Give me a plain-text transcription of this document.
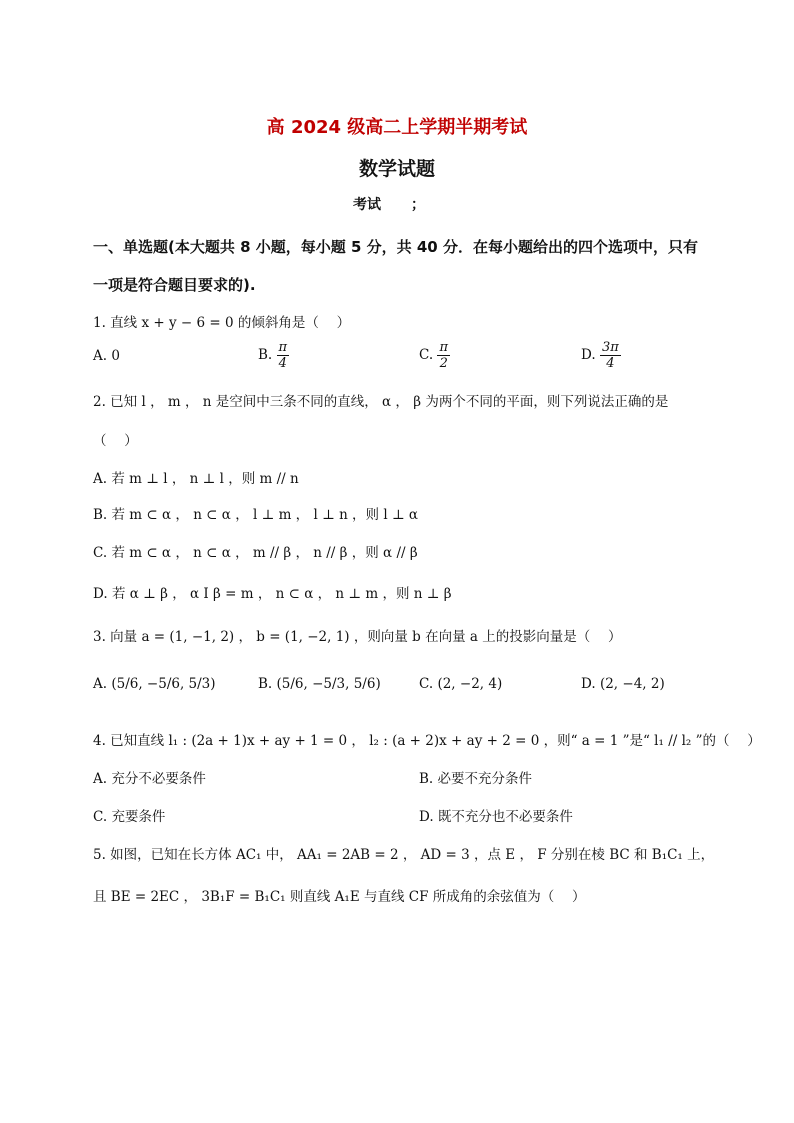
高 2024 级高二上学期半期考试
数学试题
考试 ；
一、单选题(本大题共 8 小题，每小题 5 分，共 40 分．在每小题给出的四个选项中，只有一项是符合题目要求的).
1. 直线 x + y − 6 = 0 的倾斜角是（　 ）
A. 0	B. $\frac{\pi}{4}$	C. $\frac{\pi}{2}$	D. $\frac{3\pi}{4}$
2. 已知 l ， m ， n 是空间中三条不同的直线， α ， β 为两个不同的平面，则下列说法正确的是
（　 ）
A. 若 m ⊥ l ， n ⊥ l ，则 m // n
B. 若 m ⊂ α ， n ⊂ α ， l ⊥ m ， l ⊥ n ，则 l ⊥ α
C. 若 m ⊂ α ， n ⊂ α ， m // β ， n // β ，则 α // β
D. 若 α ⊥ β ， α I β = m ， n ⊂ α ， n ⊥ m ，则 n ⊥ β
3. 向量 a = (1, −1, 2) ， b = (1, −2, 1) ，则向量 b 在向量 a 上的投影向量是（　 ）
A. (5/6, −5/6, 5/3)	B. (5/6, −5/3, 5/6)	C. (2, −2, 4)	D. (2, −4, 2)
4. 已知直线 l₁ : (2a + 1)x + ay + 1 = 0 ， l₂ : (a + 2)x + ay + 2 = 0 ，则“ a = 1 ”是“ l₁ // l₂ ”的（　 ）
A. 充分不必要条件	B. 必要不充分条件
C. 充要条件	D. 既不充分也不必要条件
5. 如图，已知在长方体 AC₁ 中， AA₁ = 2AB = 2 ， AD = 3 ，点 E ， F 分别在棱 BC 和 B₁C₁ 上，
且 BE = 2EC ， 3B₁F = B₁C₁ 则直线 A₁E 与直线 CF 所成角的余弦值为（　 ）
